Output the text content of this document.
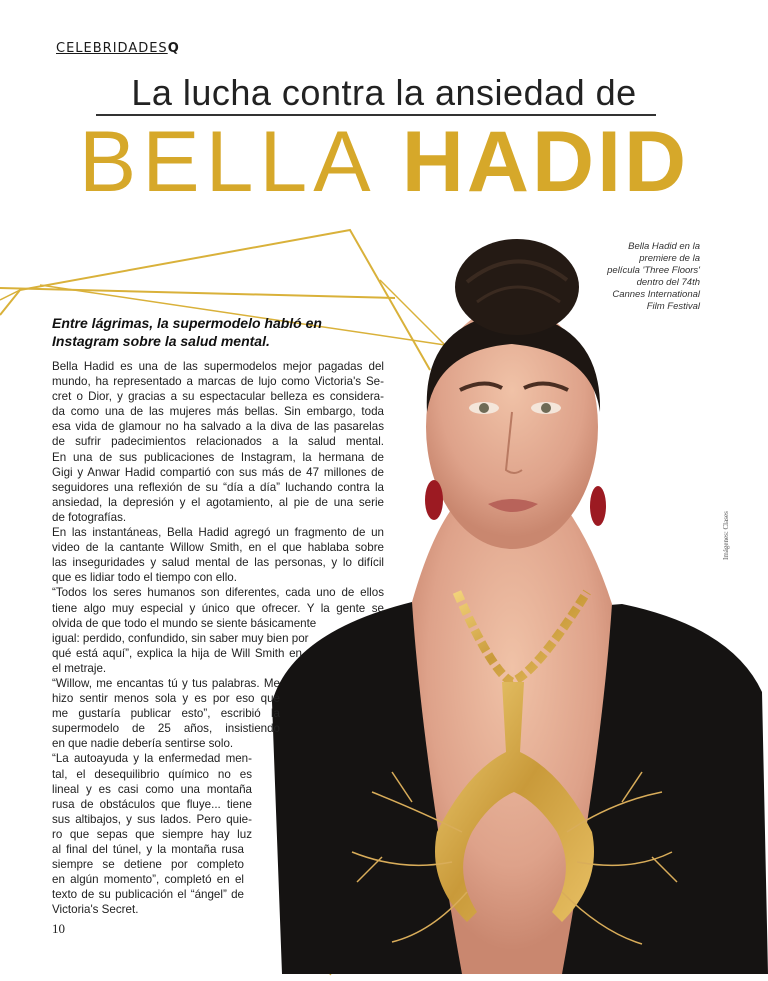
CELEBRIDADESQ
La lucha contra la ansiedad de
BELLA HADID
Bella Hadid en la premiere de la película 'Three Floors' dentro del 74th Cannes International Film Festival
Imágenes: Clases
Entre lágrimas, la supermodelo habló en Instagram sobre la salud mental.
Bella Hadid es una de las supermodelos mejor pagadas del
mundo, ha representado a marcas de lujo como Victoria's Se-
cret o Dior, y gracias a su espectacular belleza es considera-
da como una de las mujeres más bellas. Sin embargo, toda
esa vida de glamour no ha salvado a la diva de las pasarelas
de sufrir padecimientos relacionados a la salud mental.
En una de sus publicaciones de Instagram, la hermana de
Gigi y Anwar Hadid compartió con sus más de 47 millones de
seguidores una reflexión de su “día a día” luchando contra la
ansiedad, la depresión y el agotamiento, al pie de una serie
de fotografías.
En las instantáneas, Bella Hadid agregó un fragmento de un
video de la cantante Willow Smith, en el que hablaba sobre
las inseguridades y salud mental de las personas, y lo difícil
que es lidiar todo el tiempo con ello.
“Todos los seres humanos son diferentes, cada uno de ellos
tiene algo muy especial y único que ofrecer. Y la gente se
olvida de que todo el mundo se siente básicamente
igual: perdido, confundido, sin saber muy bien por
qué está aquí”, explica la hija de Will Smith en
el metraje.
“Willow, me encantas tú y tus palabras. Me
hizo sentir menos sola y es por eso que
me gustaría publicar esto”, escribió la
supermodelo de 25 años, insistiendo
en que nadie debería sentirse solo.
“La autoayuda y la enfermedad men-
tal, el desequilibrio químico no es
lineal y es casi como una montaña
rusa de obstáculos que fluye... tiene
sus altibajos, y sus lados. Pero quie-
ro que sepas que siempre hay luz
al final del túnel, y la montaña rusa
siempre se detiene por completo
en algún momento”, completó en el
texto de su publicación el “ángel” de
Victoria's Secret.
10
